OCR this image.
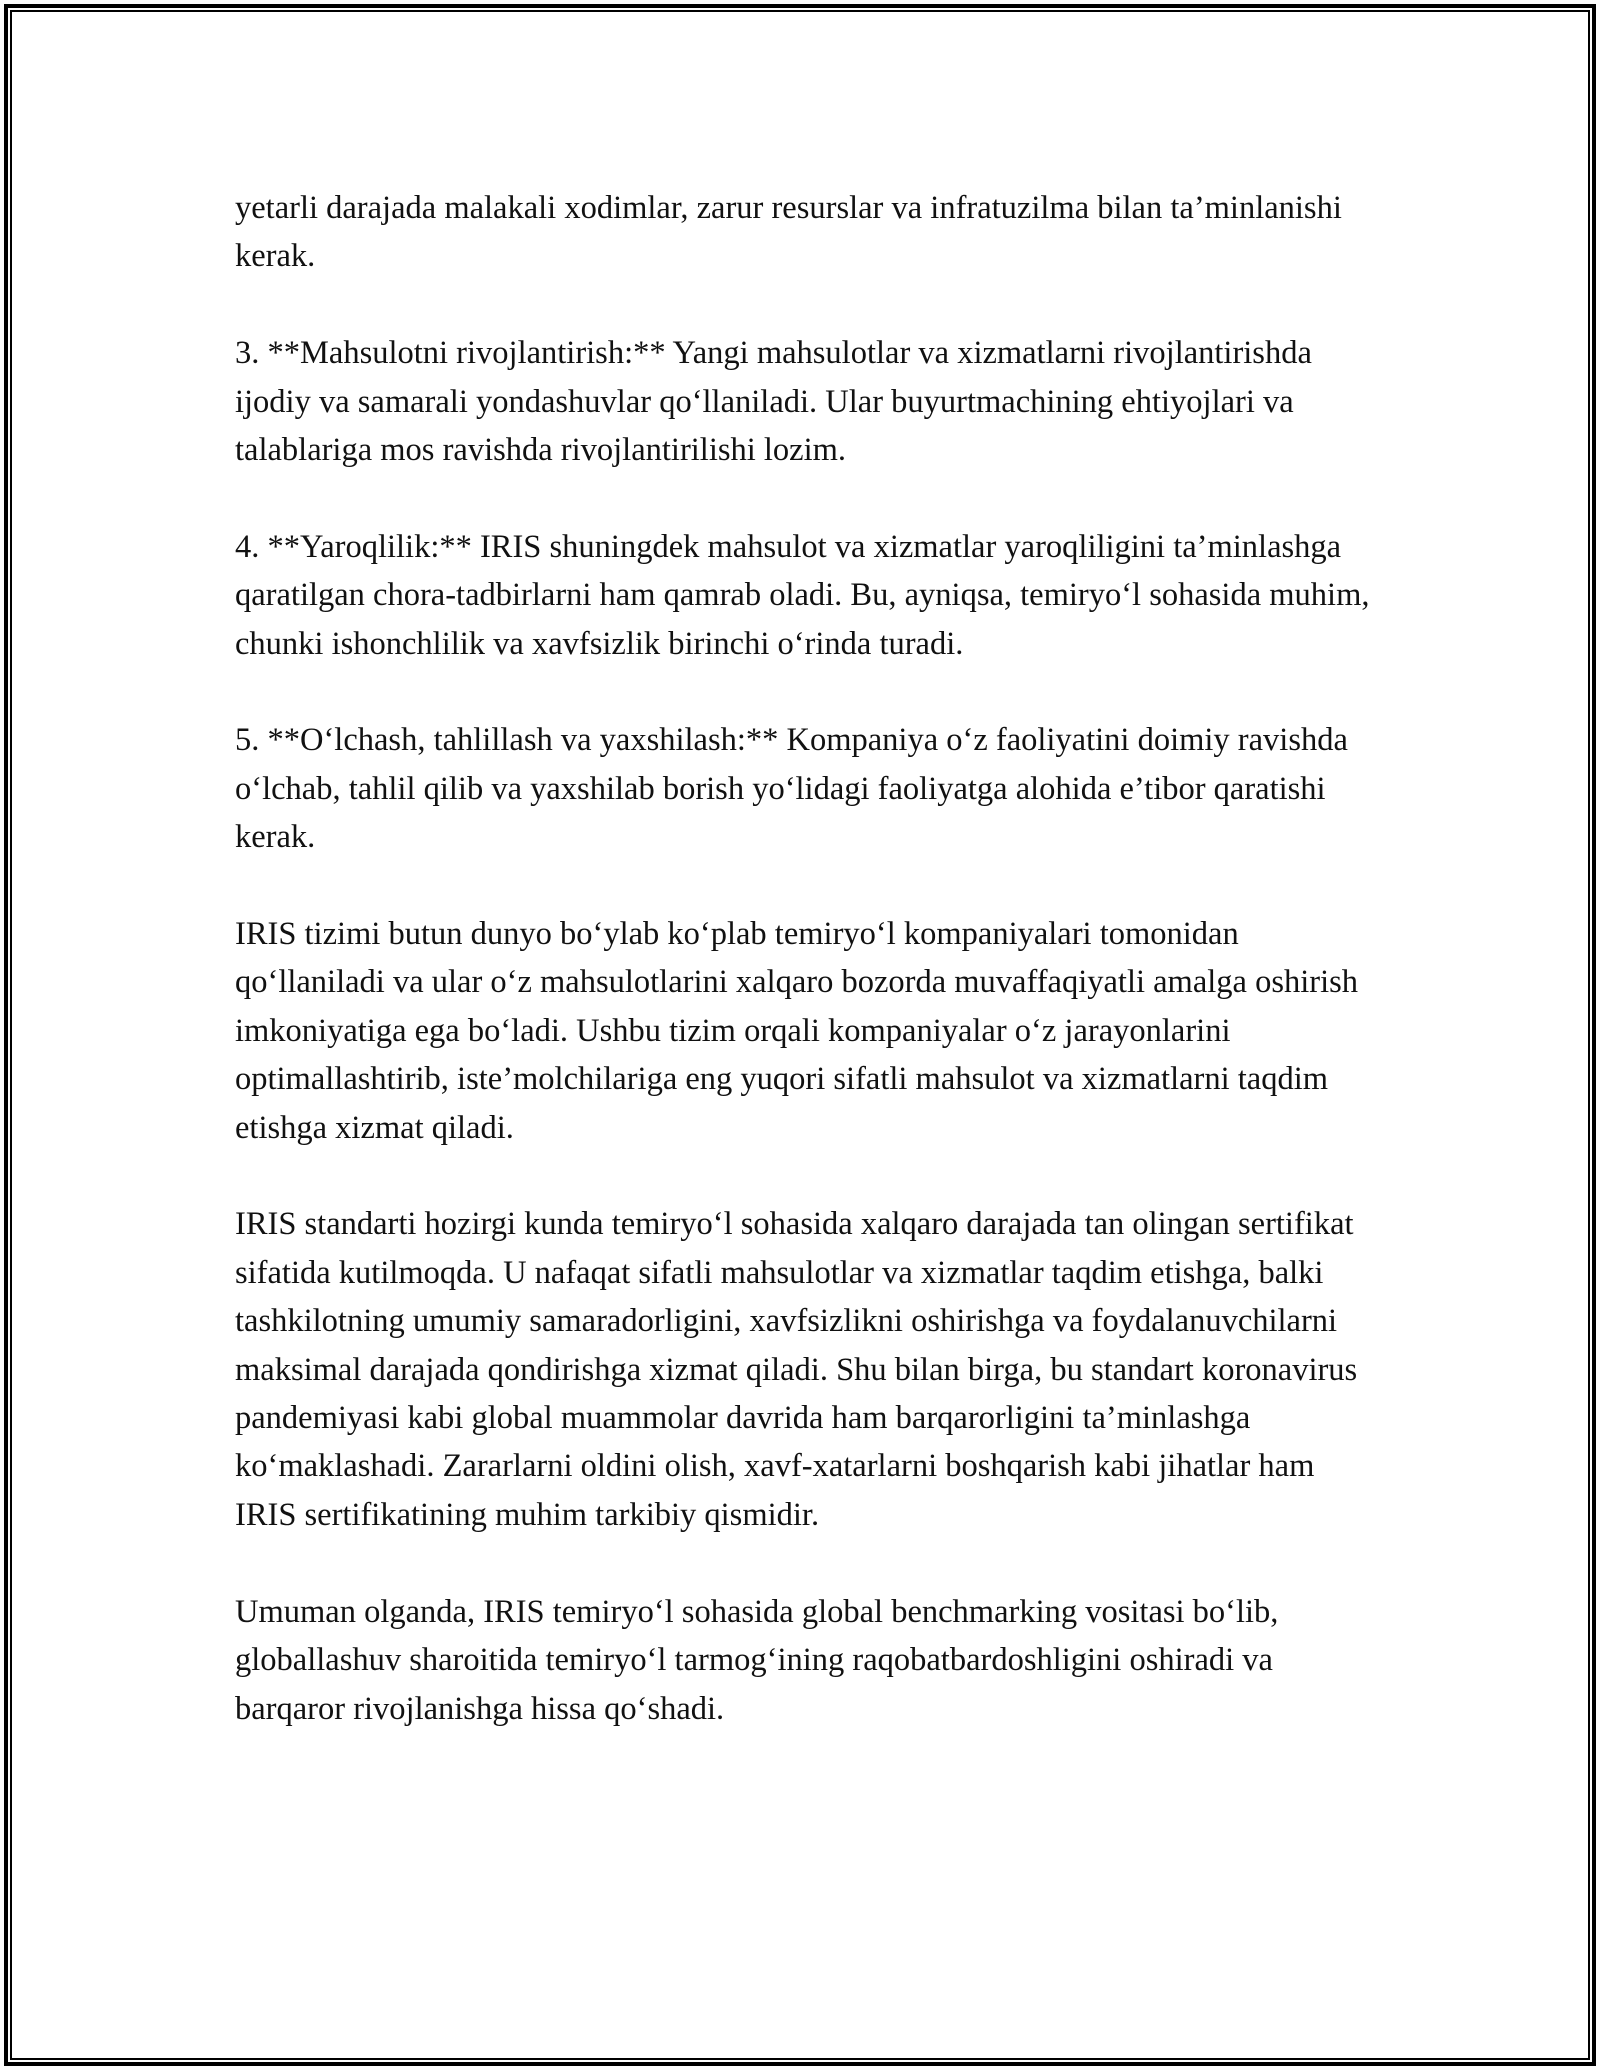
yetarli darajada malakali xodimlar, zarur resurslar va infratuzilma bilan ta’minlanishi kerak.

3. **Mahsulotni rivojlantirish:** Yangi mahsulotlar va xizmatlarni rivojlantirishda ijodiy va samarali yondashuvlar qo‘llaniladi. Ular buyurtmachining ehtiyojlari va talablariga mos ravishda rivojlantirilishi lozim.

4. **Yaroqlilik:** IRIS shuningdek mahsulot va xizmatlar yaroqliligini ta’minlashga qaratilgan chora-tadbirlarni ham qamrab oladi. Bu, ayniqsa, temiryo‘l sohasida muhim, chunki ishonchlilik va xavfsizlik birinchi o‘rinda turadi.

5. **O‘lchash, tahlillash va yaxshilash:** Kompaniya o‘z faoliyatini doimiy ravishda o‘lchab, tahlil qilib va yaxshilab borish yo‘lidagi faoliyatga alohida e’tibor qaratishi kerak.

IRIS tizimi butun dunyo bo‘ylab ko‘plab temiryo‘l kompaniyalari tomonidan qo‘llaniladi va ular o‘z mahsulotlarini xalqaro bozorda muvaffaqiyatli amalga oshirish imkoniyatiga ega bo‘ladi. Ushbu tizim orqali kompaniyalar o‘z jarayonlarini optimallashtirib, iste’molchilariga eng yuqori sifatli mahsulot va xizmatlarni taqdim etishga xizmat qiladi.

IRIS standarti hozirgi kunda temiryo‘l sohasida xalqaro darajada tan olingan sertifikat sifatida kutilmoqda. U nafaqat sifatli mahsulotlar va xizmatlar taqdim etishga, balki tashkilotning umumiy samaradorligini, xavfsizlikni oshirishga va foydalanuvchilarni maksimal darajada qondirishga xizmat qiladi. Shu bilan birga, bu standart koronavirus pandemiyasi kabi global muammolar davrida ham barqarorligini ta’minlashga ko‘maklashadi. Zararlarni oldini olish, xavf-xatarlarni boshqarish kabi jihatlar ham IRIS sertifikatining muhim tarkibiy qismidir.

Umuman olganda, IRIS temiryo‘l sohasida global benchmarking vositasi bo‘lib, globallashuv sharoitida temiryo‘l tarmog‘ining raqobatbardoshligini oshiradi va barqaror rivojlanishga hissa qo‘shadi.
